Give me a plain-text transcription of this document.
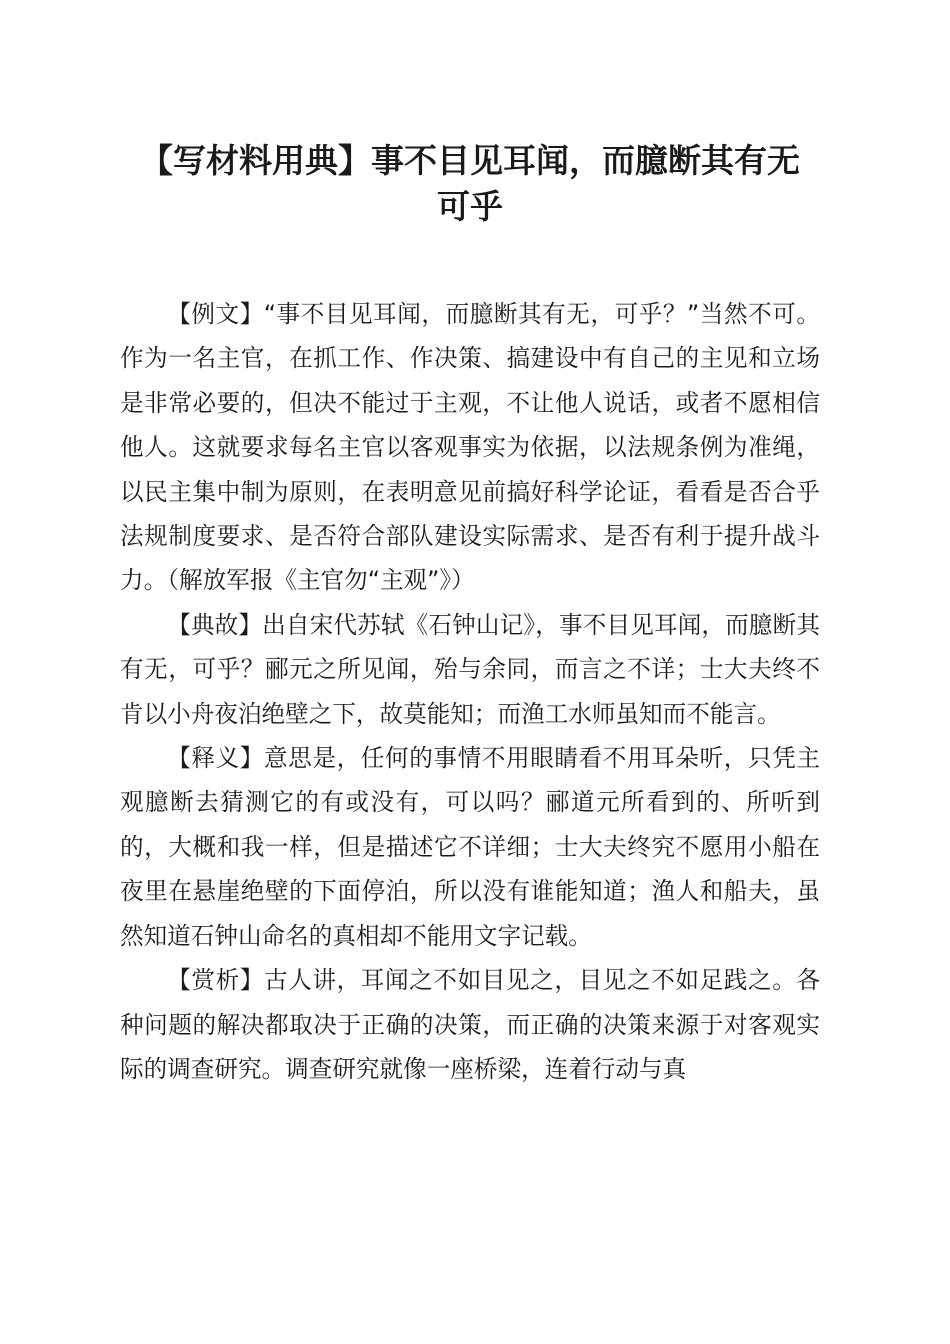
【写材料用典】事不目见耳闻，而臆断其有无
可乎

【例文】“事不目见耳闻，而臆断其有无，可乎？”当然不可。作为一名主官，在抓工作、作决策、搞建设中有自己的主见和立场是非常必要的，但决不能过于主观，不让他人说话，或者不愿相信他人。这就要求每名主官以客观事实为依据，以法规条例为准绳，以民主集中制为原则，在表明意见前搞好科学论证，看看是否合乎法规制度要求、是否符合部队建设实际需求、是否有利于提升战斗力。（解放军报《主官勿“主观”》）

【典故】出自宋代苏轼《石钟山记》，事不目见耳闻，而臆断其有无，可乎？郦元之所见闻，殆与余同，而言之不详；士大夫终不肯以小舟夜泊绝壁之下，故莫能知；而渔工水师虽知而不能言。

【释义】意思是，任何的事情不用眼睛看不用耳朵听，只凭主观臆断去猜测它的有或没有，可以吗？郦道元所看到的、所听到的，大概和我一样，但是描述它不详细；士大夫终究不愿用小船在夜里在悬崖绝壁的下面停泊，所以没有谁能知道；渔人和船夫，虽然知道石钟山命名的真相却不能用文字记载。

【赏析】古人讲，耳闻之不如目见之，目见之不如足践之。各种问题的解决都取决于正确的决策，而正确的决策来源于对客观实际的调查研究。调查研究就像一座桥梁，连着行动与真
